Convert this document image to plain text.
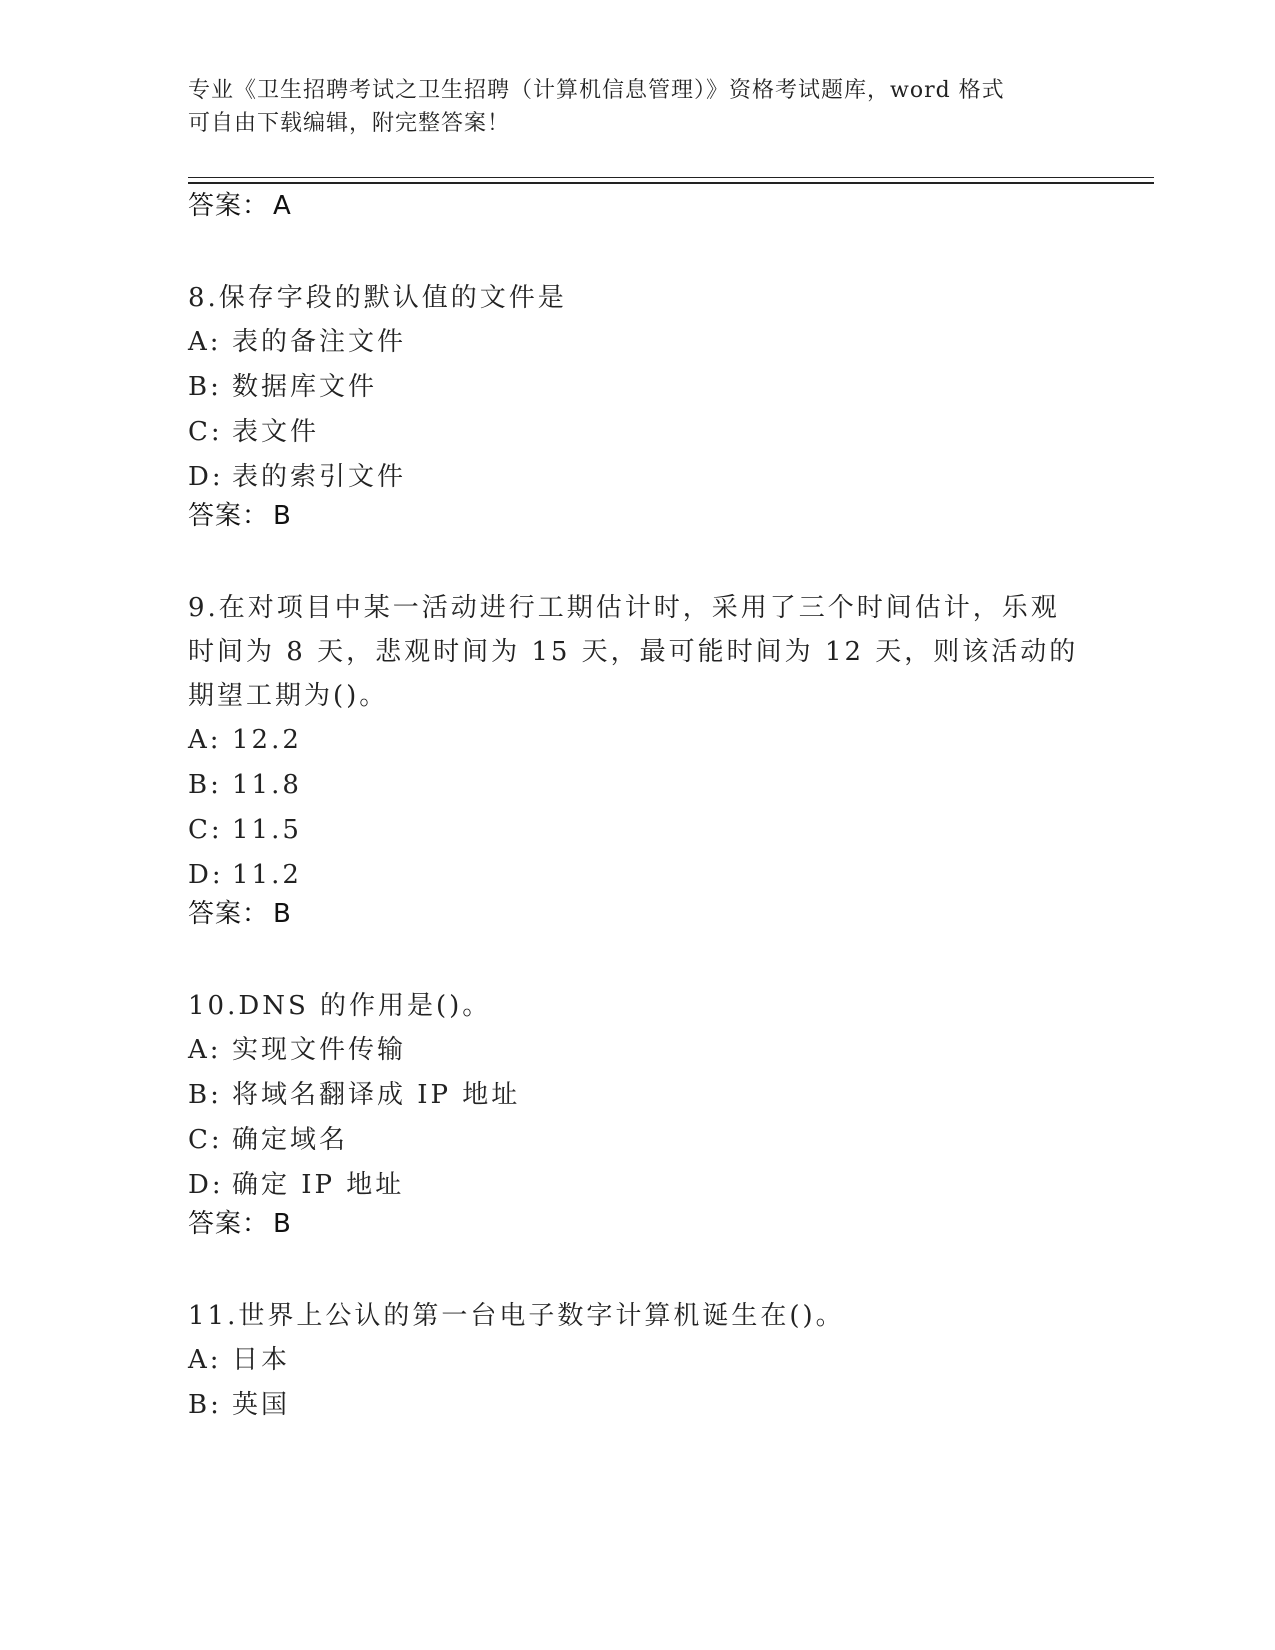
专业《卫生招聘考试之卫生招聘（计算机信息管理）》资格考试题库，word 格式
可自由下载编辑，附完整答案！
答案： A
8.保存字段的默认值的文件是
A: 表的备注文件
B: 数据库文件
C: 表文件
D: 表的索引文件
答案： B
9.在对项目中某一活动进行工期估计时，采用了三个时间估计，乐观时间为 8 天，悲观时间为 15 天，最可能时间为 12 天，则该活动的期望工期为()。
A: 12.2
B: 11.8
C: 11.5
D: 11.2
答案： B
10.DNS 的作用是()。
A: 实现文件传输
B: 将域名翻译成 IP 地址
C: 确定域名
D: 确定 IP 地址
答案： B
11.世界上公认的第一台电子数字计算机诞生在()。
A: 日本
B: 英国
